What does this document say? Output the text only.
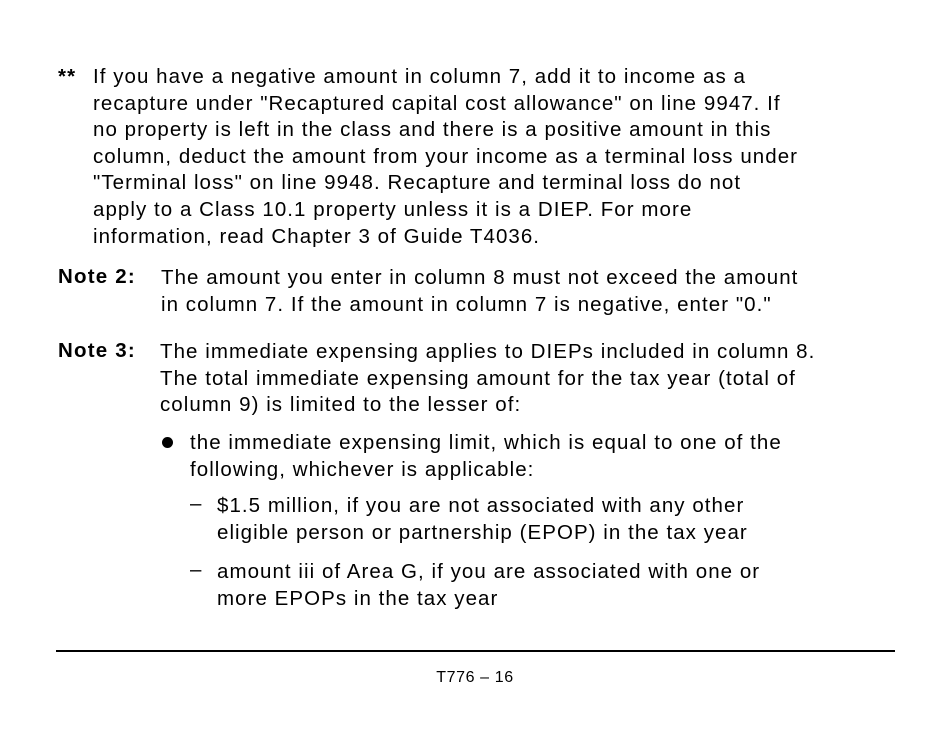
** If you have a negative amount in column 7, add it to income as a
recapture under "Recaptured capital cost allowance" on line 9947. If
no property is left in the class and there is a positive amount in this
column, deduct the amount from your income as a terminal loss under
"Terminal loss" on line 9948. Recapture and terminal loss do not
apply to a Class 10.1 property unless it is a DIEP. For more
information, read Chapter 3 of Guide T4036.
Note 2: The amount you enter in column 8 must not exceed the amount
in column 7. If the amount in column 7 is negative, enter "0."
Note 3: The immediate expensing applies to DIEPs included in column 8.
The total immediate expensing amount for the tax year (total of
column 9) is limited to the lesser of:
the immediate expensing limit, which is equal to one of the
following, whichever is applicable:
– $1.5 million, if you are not associated with any other
eligible person or partnership (EPOP) in the tax year
– amount iii of Area G, if you are associated with one or
more EPOPs in the tax year
T776 – 16
